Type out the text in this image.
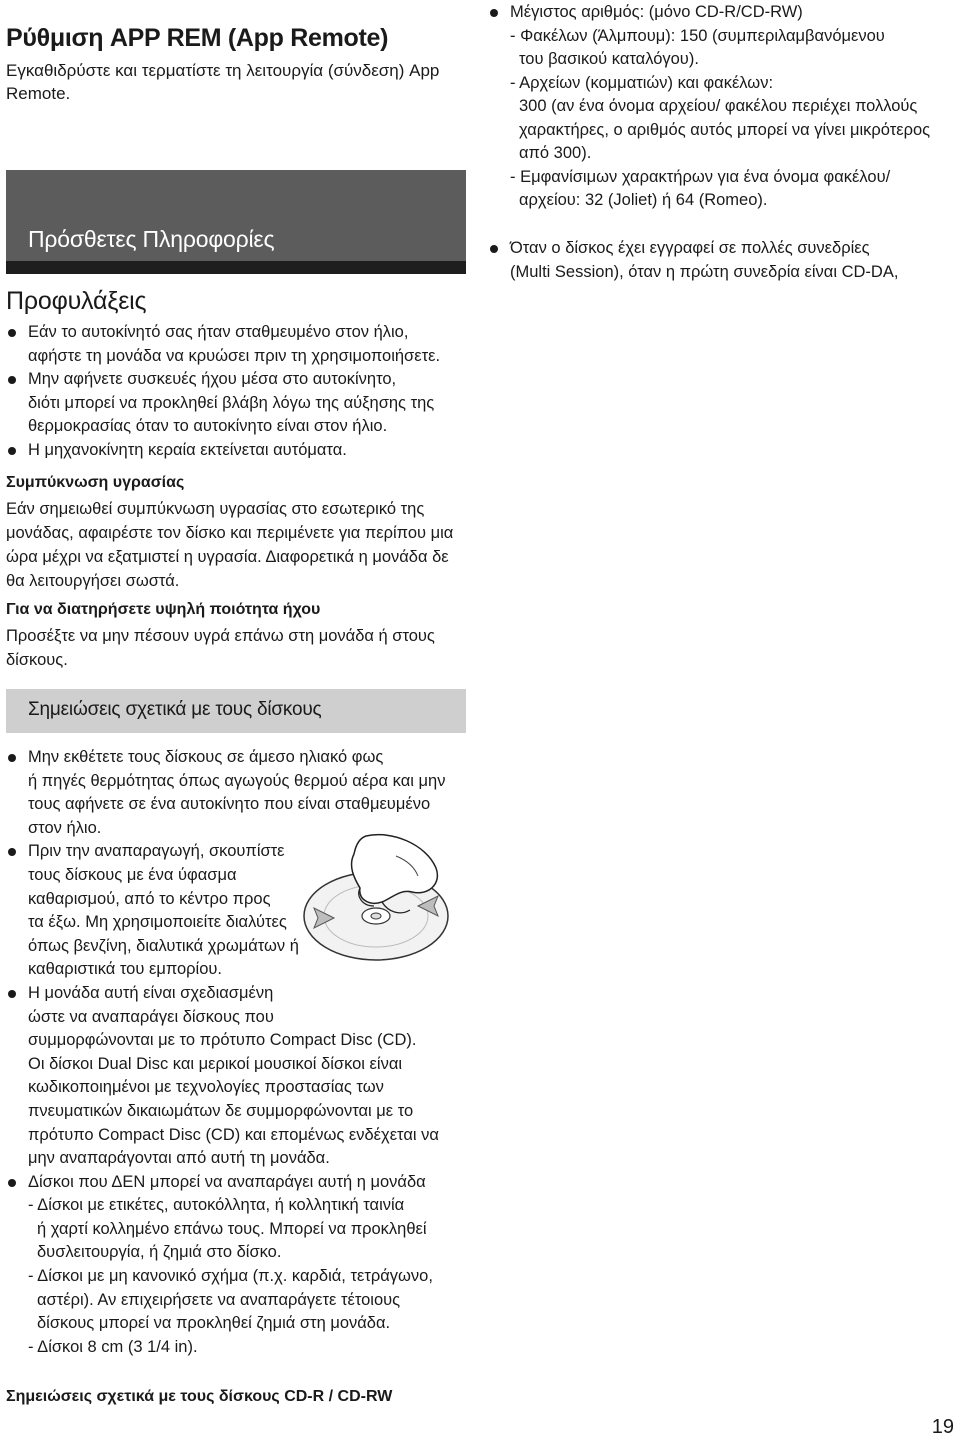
Ρύθμιση APP REM (App Remote)
Εγκαθιδρύστε και τερματίστε τη λειτουργία (σύνδεση) App
Remote.
Πρόσθετες Πληροφορίες
Προφυλάξεις
Εάν το αυτοκίνητό σας ήταν σταθμευμένο στον ήλιο,
αφήστε τη μονάδα να κρυώσει πριν τη χρησιμοποιήσετε.
Μην αφήνετε συσκευές ήχου μέσα στο αυτοκίνητο,
διότι μπορεί να προκληθεί βλάβη λόγω της αύξησης της
θερμοκρασίας όταν το αυτοκίνητο είναι στον ήλιο.
Η μηχανοκίνητη κεραία εκτείνεται αυτόματα.
Συμπύκνωση υγρασίας
Εάν σημειωθεί συμπύκνωση υγρασίας στο εσωτερικό της
μονάδας, αφαιρέστε τον δίσκο και περιμένετε για περίπου μια
ώρα μέχρι να εξατμιστεί η υγρασία. Διαφορετικά η μονάδα δε
θα λειτουργήσει σωστά.
Για να διατηρήσετε υψηλή ποιότητα ήχου
Προσέξτε να μην πέσουν υγρά επάνω στη μονάδα ή στους
δίσκους.
Σημειώσεις σχετικά με τους δίσκους
Μην εκθέτετε τους δίσκους σε άμεσο ηλιακό φως
ή πηγές θερμότητας όπως αγωγούς θερμού αέρα και μην
τους αφήνετε σε ένα αυτοκίνητο που είναι σταθμευμένο
στον ήλιο.
Πριν την αναπαραγωγή, σκουπίστε
τους δίσκους με ένα ύφασμα
καθαρισμού, από το κέντρο προς
τα έξω. Μη χρησιμοποιείτε διαλύτες
όπως βενζίνη, διαλυτικά χρωμάτων ή
καθαριστικά του εμπορίου.
Η μονάδα αυτή είναι σχεδιασμένη
ώστε να αναπαράγει δίσκους που
συμμορφώνονται με το πρότυπο Compact Disc (CD).
Οι δίσκοι Dual Disc και μερικοί μουσικοί δίσκοι είναι
κωδικοποιημένοι με τεχνολογίες προστασίας των
πνευματικών δικαιωμάτων δε συμμορφώνονται με το
πρότυπο Compact Disc (CD) και επομένως ενδέχεται να
μην αναπαράγονται από αυτή τη μονάδα.
Δίσκοι που ΔΕΝ μπορεί να αναπαράγει αυτή η μονάδα
- Δίσκοι με ετικέτες, αυτοκόλλητα, ή κολλητική ταινία
ή χαρτί κολλημένο επάνω τους. Μπορεί να προκληθεί
δυσλειτουργία, ή ζημιά στο δίσκο.
- Δίσκοι με μη κανονικό σχήμα (π.χ. καρδιά, τετράγωνο,
αστέρι). Αν επιχειρήσετε να αναπαράγετε τέτοιους
δίσκους μπορεί να προκληθεί ζημιά στη μονάδα.
- Δίσκοι 8 cm (3 1/4 in).
Σημειώσεις σχετικά με τους δίσκους CD-R / CD-RW
Μέγιστος αριθμός: (μόνο CD-R/CD-RW)
- Φακέλων (Άλμπουμ): 150 (συμπεριλαμβανόμενου
του βασικού καταλόγου).
- Αρχείων (κομματιών) και φακέλων:
300 (αν ένα όνομα αρχείου/ φακέλου περιέχει πολλούς
χαρακτήρες, ο αριθμός αυτός μπορεί να γίνει μικρότερος
από 300).
- Εμφανίσιμων χαρακτήρων για ένα όνομα φακέλου/
αρχείου: 32 (Joliet) ή 64 (Romeo).
Όταν ο δίσκος έχει εγγραφεί σε πολλές συνεδρίες
(Multi Session), όταν η πρώτη συνεδρία είναι CD-DA,
19
